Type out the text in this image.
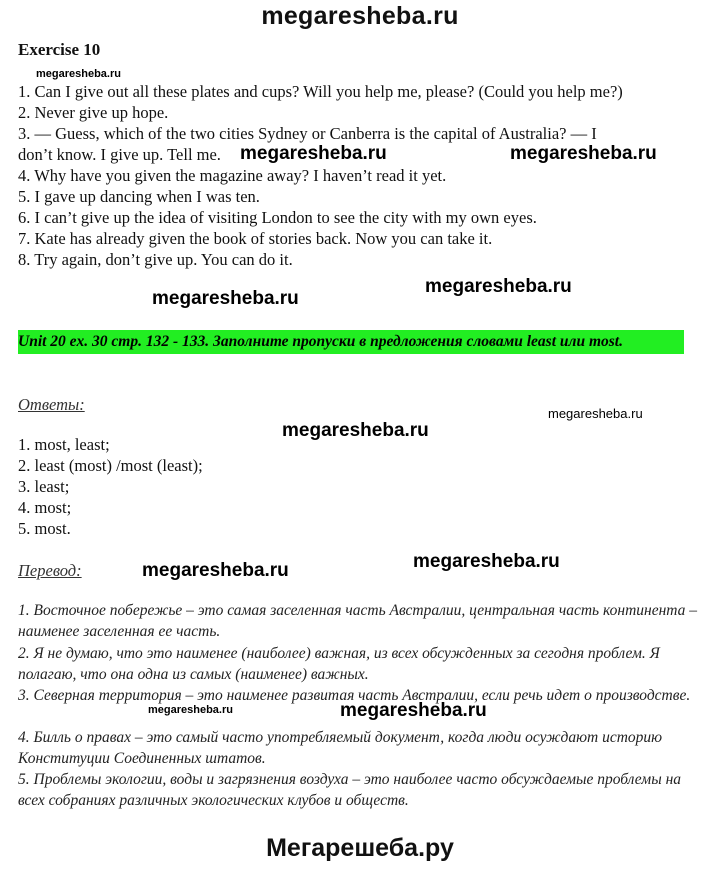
megaresheba.ru
Exercise 10
megaresheba.ru
1. Can I give out all these plates and cups? Will you help me, please? (Could you help me?)
2. Never give up hope.
3. — Guess, which of the two cities Sydney or Canberra is the capital of Australia? — I
don’t know. I give up. Tell me. megaresheba.ru	megaresheba.ru
4. Why have you given the magazine away? I haven’t read it yet.
5. I gave up dancing when I was ten.
6. I can’t give up the idea of visiting London to see the city with my own eyes.
7. Kate has already given the book of stories back. Now you can take it.
8. Try again, don’t give up. You can do it.
megaresheba.ru
megaresheba.ru
Unit 20 ex. 30 стр. 132 - 133. Заполните пропуски в предложения словами least или most.
Ответы:	megaresheba.ru
megaresheba.ru
1. most, least;
2. least (most) /most (least);
3. least;
4. most;
5. most.
Перевод:	megaresheba.ru	megaresheba.ru
1. Восточное побережье – это самая заселенная часть Австралии, центральная часть континента – наименее заселенная ее часть.
2. Я не думаю, что это наименее (наиболее) важная, из всех обсужденных за сегодня проблем. Я полагаю, что она одна из самых (наименее) важных.
3. Северная территория – это наименее развитая часть Австралии, если речь идет о производстве.
megaresheba.ru	megaresheba.ru
4. Билль о правах – это самый часто употребляемый документ, когда люди осуждают историю Конституции Соединенных штатов.
5. Проблемы экологии, воды и загрязнения воздуха – это наиболее часто обсуждаемые проблемы на всех собраниях различных экологических клубов и обществ.
Мегарешеба.ру
